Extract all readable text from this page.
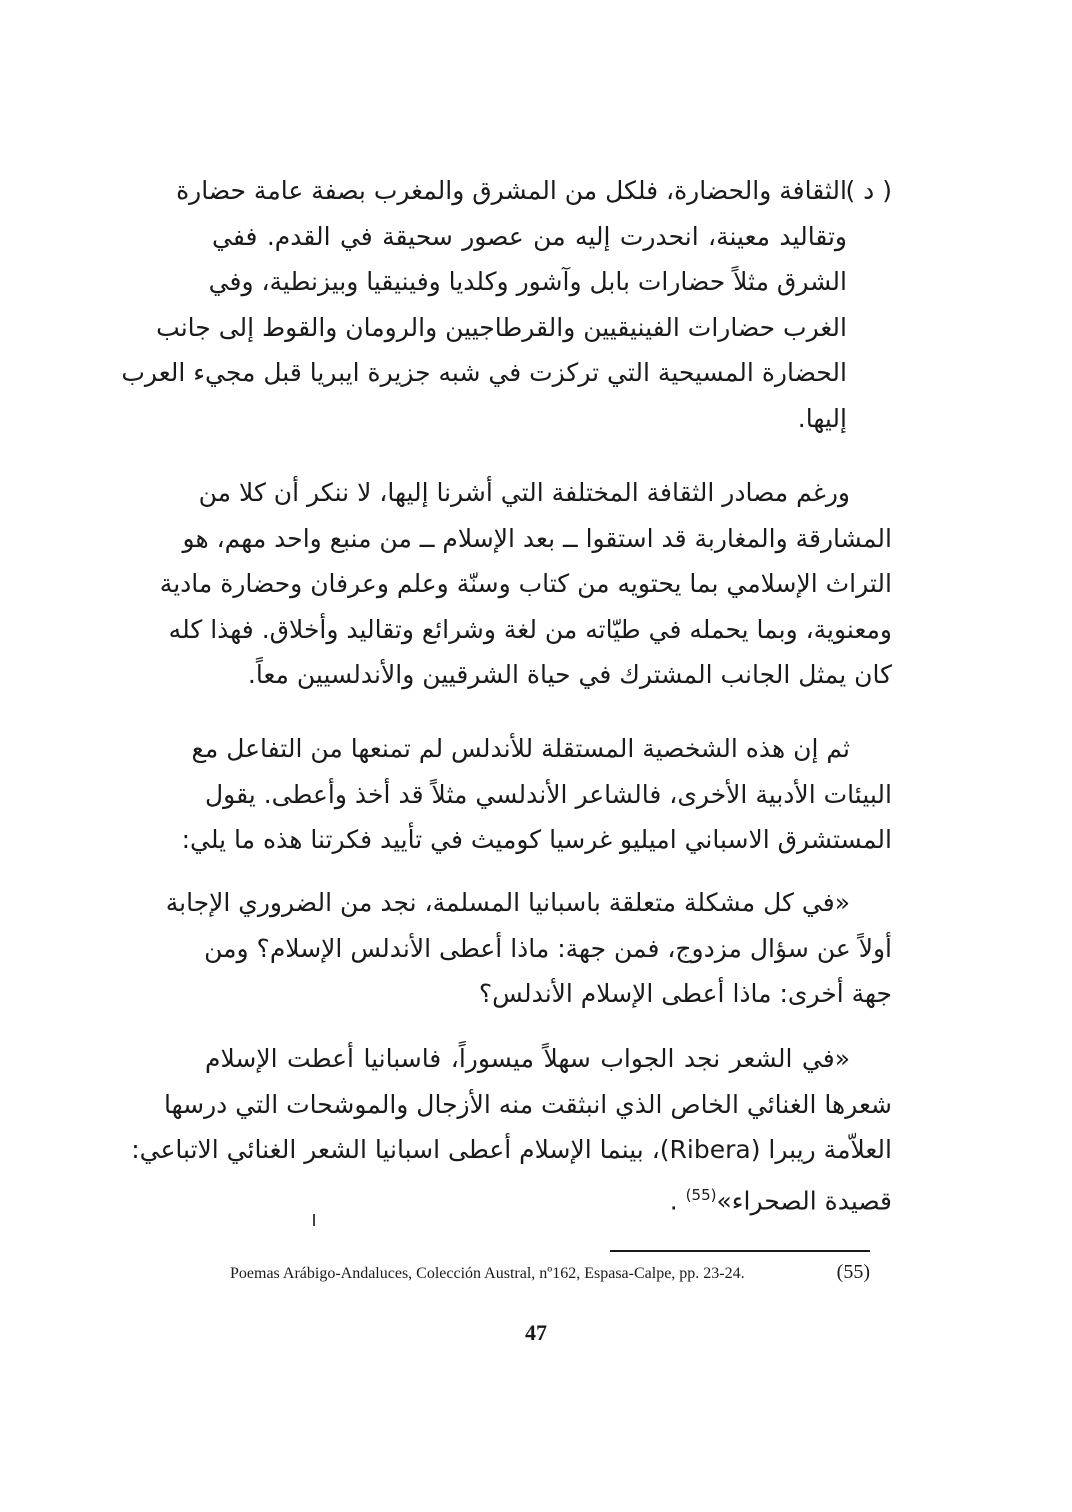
( د )
الثقافة والحضارة، فلكل من المشرق والمغرب بصفة عامة حضارة
وتقاليد معينة، انحدرت إليه من عصور سحيقة في القدم. ففي
الشرق مثلاً حضارات بابل وآشور وكلديا وفينيقيا وبيزنطية، وفي
الغرب حضارات الفينيقيين والقرطاجيين والرومان والقوط إلى جانب
الحضارة المسيحية التي تركزت في شبه جزيرة ايبريا قبل مجيء العرب
إليها.
ورغم مصادر الثقافة المختلفة التي أشرنا إليها، لا ننكر أن كلا من
المشارقة والمغاربة قد استقوا ــ بعد الإسلام ــ من منبع واحد مهم، هو
التراث الإسلامي بما يحتويه من كتاب وسنّة وعلم وعرفان وحضارة مادية
ومعنوية، وبما يحمله في طيّاته من لغة وشرائع وتقاليد وأخلاق. فهذا كله
كان يمثل الجانب المشترك في حياة الشرقيين والأندلسيين معاً.
ثم إن هذه الشخصية المستقلة للأندلس لم تمنعها من التفاعل مع
البيئات الأدبية الأخرى، فالشاعر الأندلسي مثلاً قد أخذ وأعطى. يقول
المستشرق الاسباني اميليو غرسيا كوميث في تأييد فكرتنا هذه ما يلي:
«في كل مشكلة متعلقة باسبانيا المسلمة، نجد من الضروري الإجابة
أولاً عن سؤال مزدوج، فمن جهة: ماذا أعطى الأندلس الإسلام؟ ومن
جهة أخرى: ماذا أعطى الإسلام الأندلس؟
«في الشعر نجد الجواب سهلاً ميسوراً، فاسبانيا أعطت الإسلام
شعرها الغنائي الخاص الذي انبثقت منه الأزجال والموشحات التي درسها
العلاّمة ريبرا (Ribera)، بينما الإسلام أعطى اسبانيا الشعر الغنائي الاتباعي:
قصيدة الصحراء»$^{(55)}$ .
Poemas Arábigo-Andaluces, Colección Austral, nº162, Espasa-Calpe, pp. 23-24.	(55)
47
